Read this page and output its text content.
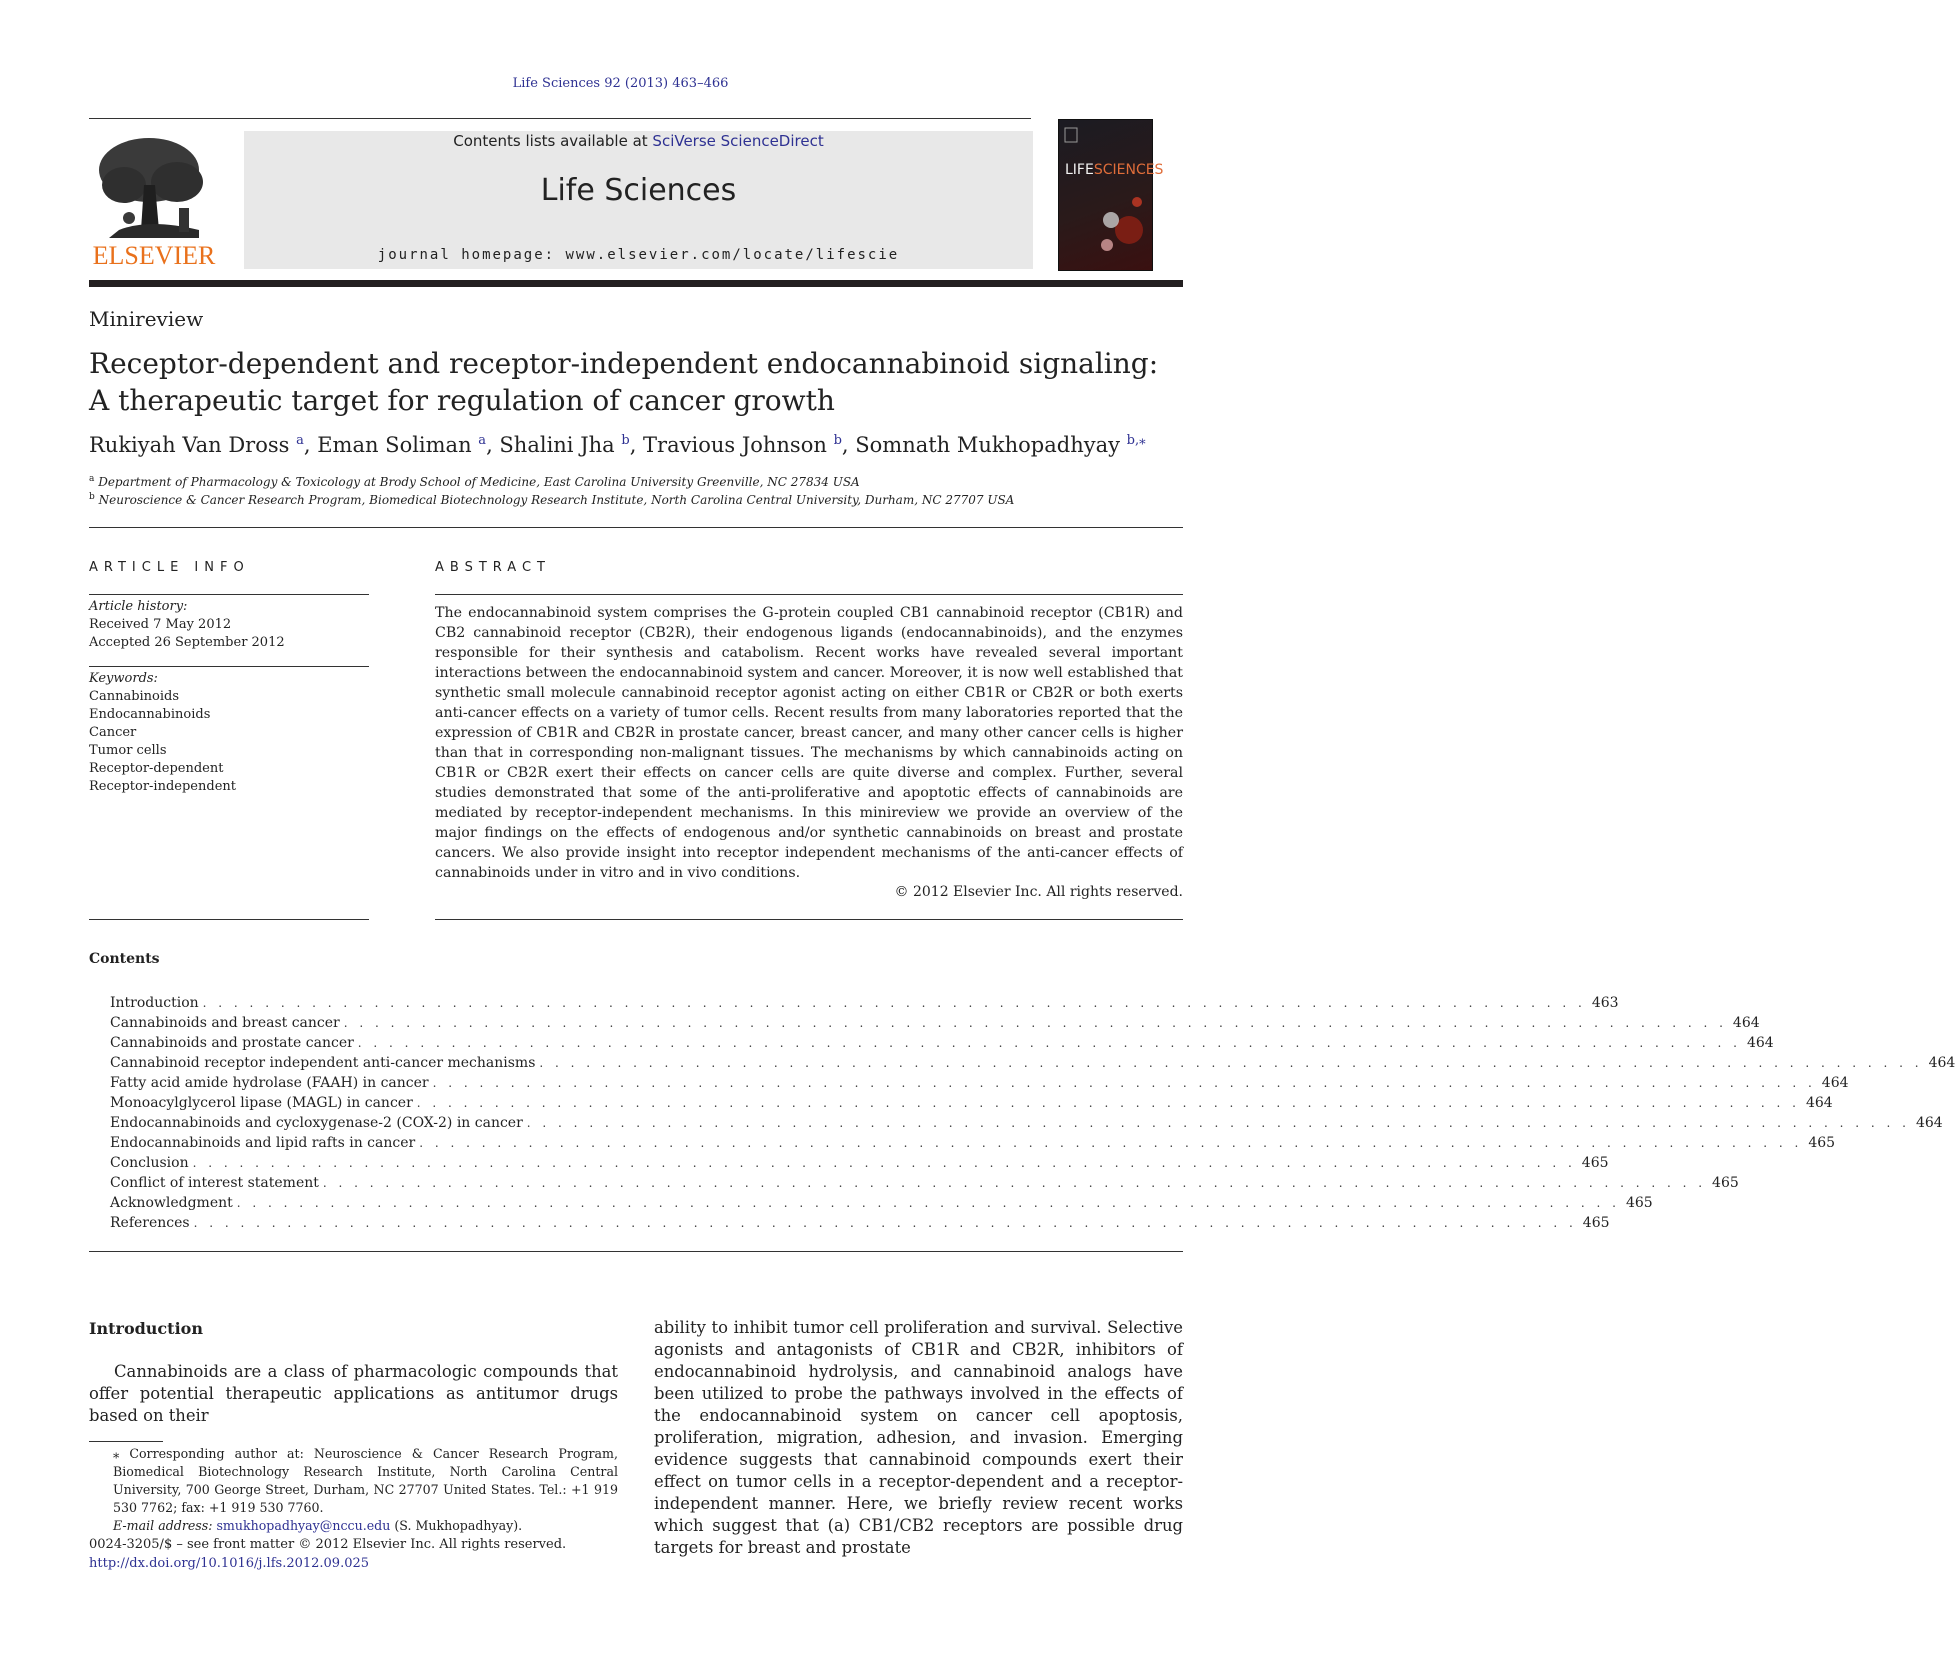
Life Sciences 92 (2013) 463–466
ELSEVIER
Contents lists available at SciVerse ScienceDirect
Life Sciences
journal homepage: www.elsevier.com/locate/lifescie
LIFESCIENCES
Minireview
Receptor-dependent and receptor-independent endocannabinoid signaling:
A therapeutic target for regulation of cancer growth
Rukiyah Van Dross $^a$, Eman Soliman $^a$, Shalini Jha $^b$, Travious Johnson $^b$, Somnath Mukhopadhyay $^{b,⁎}$
$^a$ Department of Pharmacology & Toxicology at Brody School of Medicine, East Carolina University Greenville, NC 27834 USA
$^b$ Neuroscience & Cancer Research Program, Biomedical Biotechnology Research Institute, North Carolina Central University, Durham, NC 27707 USA
ARTICLE INFO
Article history:
Received 7 May 2012
Accepted 26 September 2012
Keywords:
Cannabinoids
Endocannabinoids
Cancer
Tumor cells
Receptor-dependent
Receptor-independent
ABSTRACT
The endocannabinoid system comprises the G-protein coupled CB1 cannabinoid receptor (CB1R) and CB2 cannabinoid receptor (CB2R), their endogenous ligands (endocannabinoids), and the enzymes responsible for their synthesis and catabolism. Recent works have revealed several important interactions between the endocannabinoid system and cancer. Moreover, it is now well established that synthetic small molecule cannabinoid receptor agonist acting on either CB1R or CB2R or both exerts anti-cancer effects on a variety of tumor cells. Recent results from many laboratories reported that the expression of CB1R and CB2R in prostate cancer, breast cancer, and many other cancer cells is higher than that in corresponding non-malignant tissues. The mechanisms by which cannabinoids acting on CB1R or CB2R exert their effects on cancer cells are quite diverse and complex. Further, several studies demonstrated that some of the anti-proliferative and apoptotic effects of cannabinoids are mediated by receptor-independent mechanisms. In this minireview we provide an overview of the major findings on the effects of endogenous and/or synthetic cannabinoids on breast and prostate cancers. We also provide insight into receptor independent mechanisms of the anti-cancer effects of cannabinoids under in vitro and in vivo conditions.
© 2012 Elsevier Inc. All rights reserved.
Contents
Introduction . . . . . . . . . . . . . . . . . . . . . . . . . . . . . . . . . . . . . . . . . . . . . . . . . . . . . . . . . . . . . . . . . . . . . . . . . . . . . . . . . . . . . . . . . 463
Cannabinoids and breast cancer . . . . . . . . . . . . . . . . . . . . . . . . . . . . . . . . . . . . . . . . . . . . . . . . . . . . . . . . . . . . . . . . . . . . . . . . . . . . . . . . . . . . . . . . . 464
Cannabinoids and prostate cancer . . . . . . . . . . . . . . . . . . . . . . . . . . . . . . . . . . . . . . . . . . . . . . . . . . . . . . . . . . . . . . . . . . . . . . . . . . . . . . . . . . . . . . . . . 464
Cannabinoid receptor independent anti-cancer mechanisms . . . . . . . . . . . . . . . . . . . . . . . . . . . . . . . . . . . . . . . . . . . . . . . . . . . . . . . . . . . . . . . . . . . . . . . . . . . . . . . . . . . . . . . . . 464
Fatty acid amide hydrolase (FAAH) in cancer . . . . . . . . . . . . . . . . . . . . . . . . . . . . . . . . . . . . . . . . . . . . . . . . . . . . . . . . . . . . . . . . . . . . . . . . . . . . . . . . . . . . . . . . . 464
Monoacylglycerol lipase (MAGL) in cancer . . . . . . . . . . . . . . . . . . . . . . . . . . . . . . . . . . . . . . . . . . . . . . . . . . . . . . . . . . . . . . . . . . . . . . . . . . . . . . . . . . . . . . . . . 464
Endocannabinoids and cycloxygenase-2 (COX-2) in cancer . . . . . . . . . . . . . . . . . . . . . . . . . . . . . . . . . . . . . . . . . . . . . . . . . . . . . . . . . . . . . . . . . . . . . . . . . . . . . . . . . . . . . . . . . 464
Endocannabinoids and lipid rafts in cancer . . . . . . . . . . . . . . . . . . . . . . . . . . . . . . . . . . . . . . . . . . . . . . . . . . . . . . . . . . . . . . . . . . . . . . . . . . . . . . . . . . . . . . . . . 465
Conclusion . . . . . . . . . . . . . . . . . . . . . . . . . . . . . . . . . . . . . . . . . . . . . . . . . . . . . . . . . . . . . . . . . . . . . . . . . . . . . . . . . . . . . . . . . 465
Conflict of interest statement . . . . . . . . . . . . . . . . . . . . . . . . . . . . . . . . . . . . . . . . . . . . . . . . . . . . . . . . . . . . . . . . . . . . . . . . . . . . . . . . . . . . . . . . . 465
Acknowledgment . . . . . . . . . . . . . . . . . . . . . . . . . . . . . . . . . . . . . . . . . . . . . . . . . . . . . . . . . . . . . . . . . . . . . . . . . . . . . . . . . . . . . . . . . 465
References . . . . . . . . . . . . . . . . . . . . . . . . . . . . . . . . . . . . . . . . . . . . . . . . . . . . . . . . . . . . . . . . . . . . . . . . . . . . . . . . . . . . . . . . . 465
Introduction
Cannabinoids are a class of pharmacologic compounds that offer potential therapeutic applications as antitumor drugs based on their
ability to inhibit tumor cell proliferation and survival. Selective agonists and antagonists of CB1R and CB2R, inhibitors of endocannabinoid hydrolysis, and cannabinoid analogs have been utilized to probe the pathways involved in the effects of the endocannabinoid system on cancer cell apoptosis, proliferation, migration, adhesion, and invasion. Emerging evidence suggests that cannabinoid compounds exert their effect on tumor cells in a receptor-dependent and a receptor-independent manner. Here, we briefly review recent works which suggest that (a) CB1/CB2 receptors are possible drug targets for breast and prostate
⁎ Corresponding author at: Neuroscience & Cancer Research Program, Biomedical Biotechnology Research Institute, North Carolina Central University, 700 George Street, Durham, NC 27707 United States. Tel.: +1 919 530 7762; fax: +1 919 530 7760.
E-mail address: smukhopadhyay@nccu.edu (S. Mukhopadhyay).
0024-3205/$ – see front matter © 2012 Elsevier Inc. All rights reserved.
http://dx.doi.org/10.1016/j.lfs.2012.09.025
